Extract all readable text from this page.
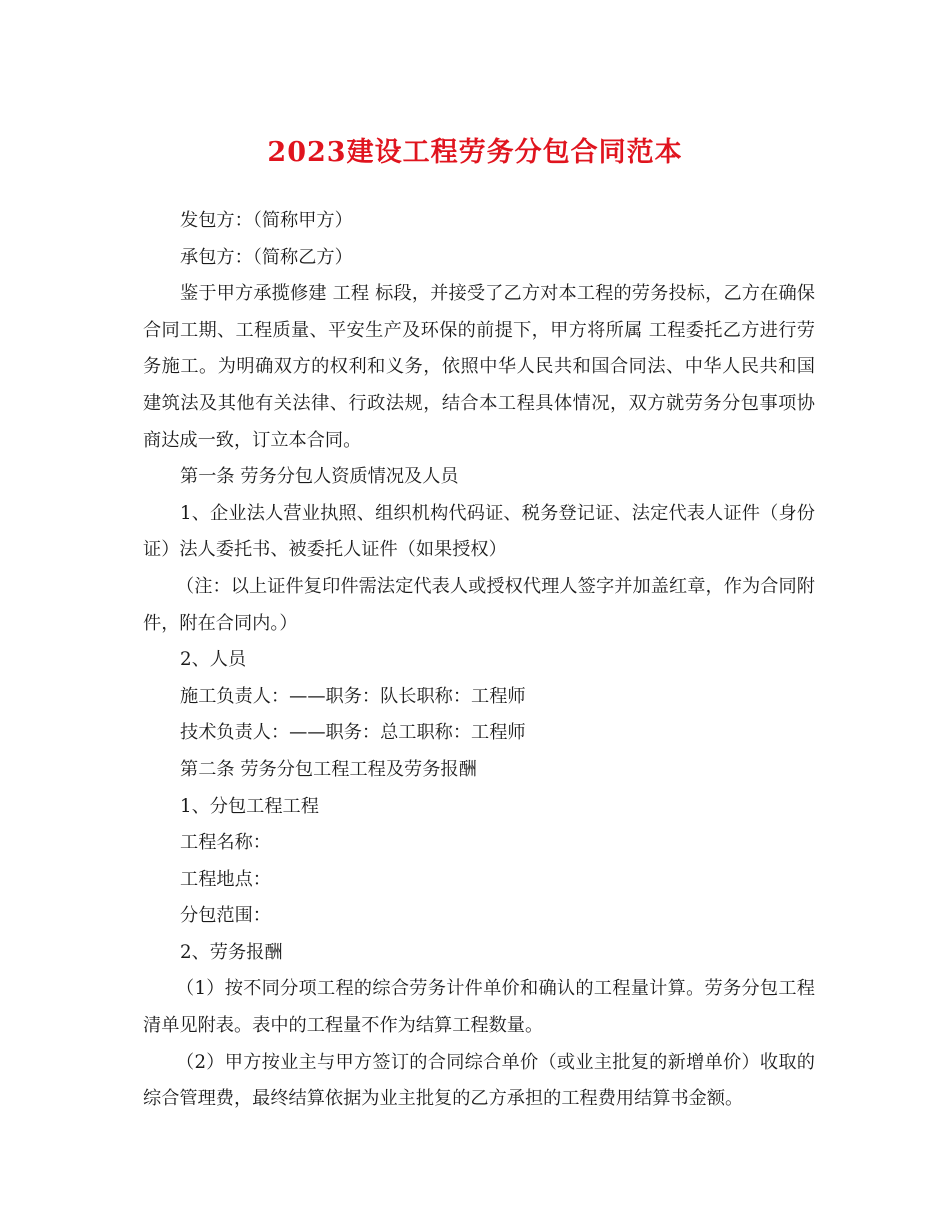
2023建设工程劳务分包合同范本

发包方：（简称甲方）

承包方：（简称乙方）

鉴于甲方承揽修建 工程 标段，并接受了乙方对本工程的劳务投标，乙方在确保合同工期、工程质量、平安生产及环保的前提下，甲方将所属 工程委托乙方进行劳务施工。为明确双方的权利和义务，依照中华人民共和国合同法、中华人民共和国建筑法及其他有关法律、行政法规，结合本工程具体情况，双方就劳务分包事项协商达成一致，订立本合同。

第一条 劳务分包人资质情况及人员

1、企业法人营业执照、组织机构代码证、税务登记证、法定代表人证件（身份证）法人委托书、被委托人证件（如果授权）

（注：以上证件复印件需法定代表人或授权代理人签字并加盖红章，作为合同附件，附在合同内。）

2、人员

施工负责人：——职务：队长职称：工程师

技术负责人：——职务：总工职称：工程师

第二条 劳务分包工程工程及劳务报酬

1、分包工程工程

工程名称：

工程地点：

分包范围：

2、劳务报酬

（1）按不同分项工程的综合劳务计件单价和确认的工程量计算。劳务分包工程清单见附表。表中的工程量不作为结算工程数量。

（2）甲方按业主与甲方签订的合同综合单价（或业主批复的新增单价）收取的综合管理费，最终结算依据为业主批复的乙方承担的工程费用结算书金额。
